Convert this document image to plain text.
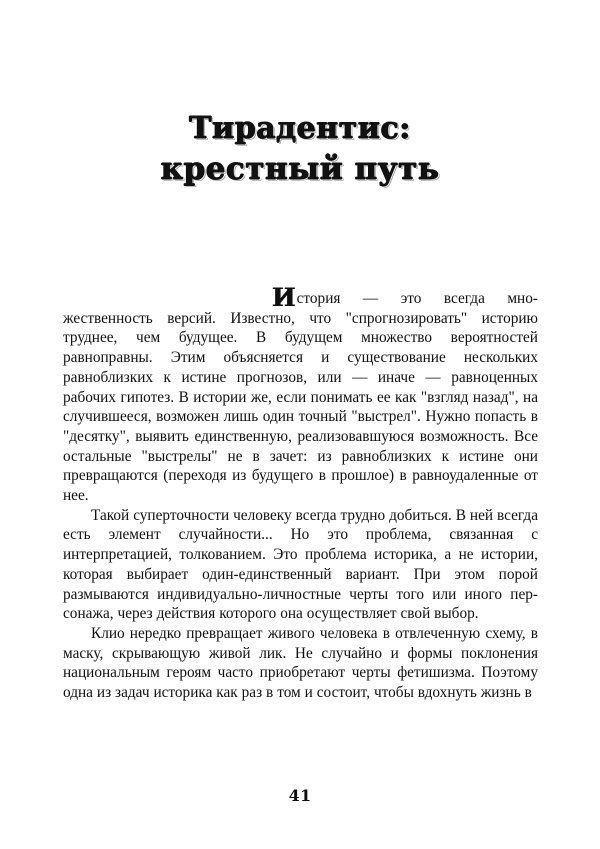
Тирадентис:
крестный путь

История — это всегда множественность версий. Известно, что "спрогнозировать" историю труднее, чем будущее. В будущем множество вероятностей равноправны. Этим объясняется и существование нескольких равноблизких к истине прогнозов, или — иначе — равноценных рабочих гипотез. В истории же, если понимать ее как "взгляд назад", на случившееся, возможен лишь один точный "выстрел". Нужно попасть в "десятку", выявить единственную, реализовавшуюся возможность. Все остальные "выстрелы" не в зачет: из равноблизких к истине они превращаются (переходя из будущего в прошлое) в равноудаленные от нее.

Такой суперточности человеку всегда трудно добиться. В ней всегда есть элемент случайности... Но это проблема, связанная с интерпретацией, толкованием. Это проблема историка, а не истории, которая выбирает один-единственный вариант. При этом порой размываются индивидуально-личностные черты того или иного персонажа, через действия которого она осуществляет свой выбор.

Клио нередко превращает живого человека в отвлеченную схему, в маску, скрывающую живой лик. Не случайно и формы поклонения национальным героям часто приобретают черты фетишизма. Поэтому одна из задач историка как раз в том и состоит, чтобы вдохнуть жизнь в

41
